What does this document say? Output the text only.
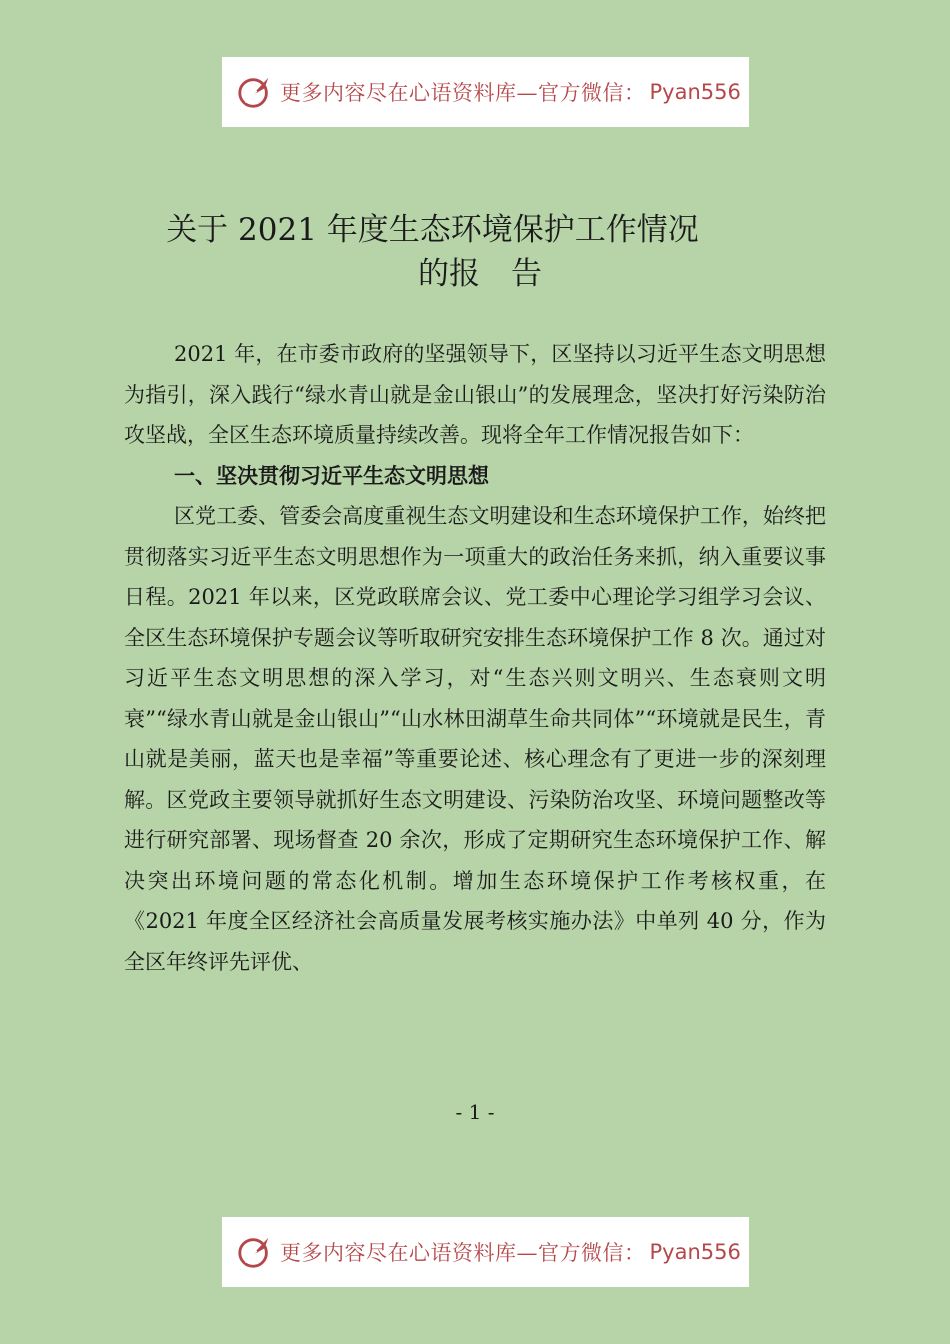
更多内容尽在心语资料库—官方微信： Pyan556
关于 2021 年度生态环境保护工作情况
的报　告

2021 年，在市委市政府的坚强领导下，区坚持以习近平生态文明思想为指引，深入践行“绿水青山就是金山银山”的发展理念，坚决打好污染防治攻坚战，全区生态环境质量持续改善。现将全年工作情况报告如下：

一、坚决贯彻习近平生态文明思想

区党工委、管委会高度重视生态文明建设和生态环境保护工作，始终把贯彻落实习近平生态文明思想作为一项重大的政治任务来抓，纳入重要议事日程。2021 年以来，区党政联席会议、党工委中心理论学习组学习会议、全区生态环境保护专题会议等听取研究安排生态环境保护工作 8 次。通过对习近平生态文明思想的深入学习，对“生态兴则文明兴、生态衰则文明衰”“绿水青山就是金山银山”“山水林田湖草生命共同体”“环境就是民生，青山就是美丽，蓝天也是幸福”等重要论述、核心理念有了更进一步的深刻理解。区党政主要领导就抓好生态文明建设、污染防治攻坚、环境问题整改等进行研究部署、现场督查 20 余次，形成了定期研究生态环境保护工作、解决突出环境问题的常态化机制。增加生态环境保护工作考核权重，在《2021 年度全区经济社会高质量发展考核实施办法》中单列 40 分，作为全区年终评先评优、

- 1 -
更多内容尽在心语资料库—官方微信： Pyan556
